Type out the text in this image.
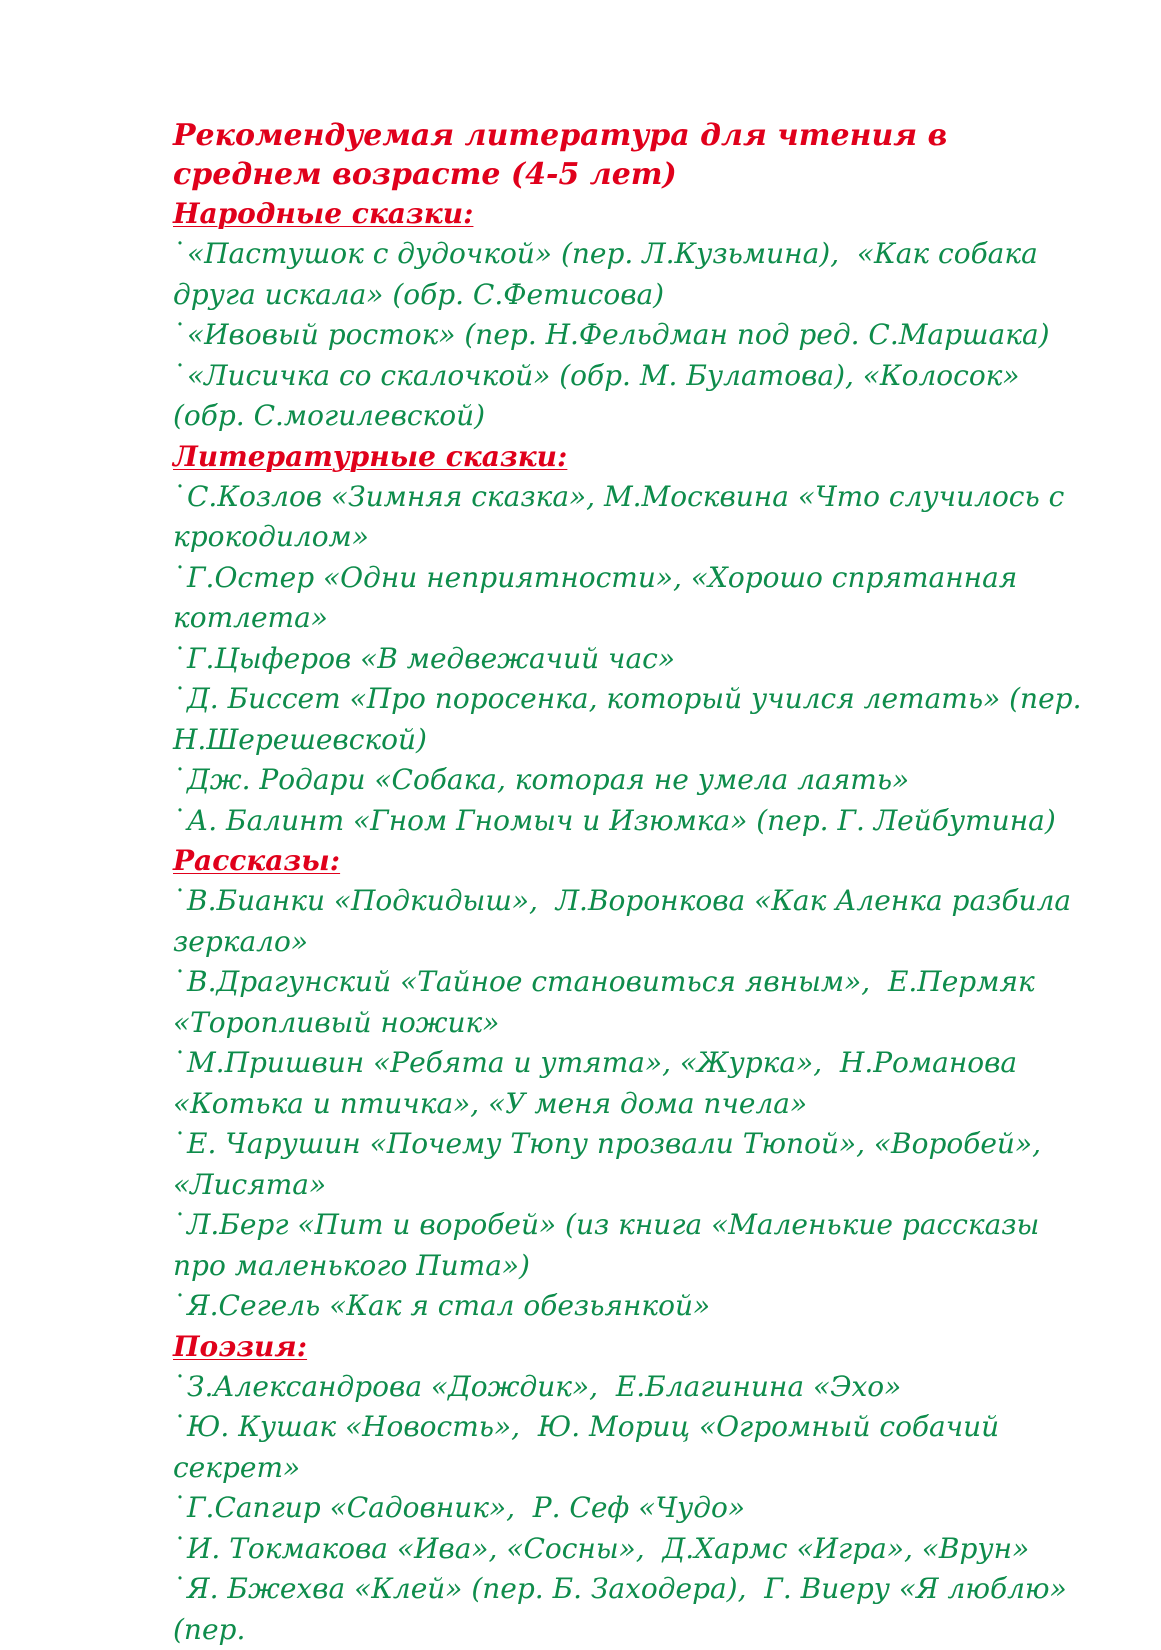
Рекомендуемая литература для чтения в среднем возрасте (4-5 лет)

Народные сказки:

˙«Пастушок с дудочкой» (пер. Л.Кузьмина),  «Как собака друга искала» (обр. С.Фетисова)

˙«Ивовый росток» (пер. Н.Фельдман под ред. С.Маршака)

˙«Лисичка со скалочкой» (обр. М. Булатова), «Колосок» (обр. С.могилевской)

Литературные сказки:

˙С.Козлов «Зимняя сказка», М.Москвина «Что случилось с крокодилом»

˙Г.Остер «Одни неприятности», «Хорошо спрятанная котлета»

˙Г.Цыферов «В медвежачий час»

˙Д. Биссет «Про поросенка, который учился летать» (пер. Н.Шерешевской)

˙Дж. Родари «Собака, которая не умела лаять»

˙А. Балинт «Гном Гномыч и Изюмка» (пер. Г. Лейбутина)

Рассказы:

˙В.Бианки «Подкидыш»,  Л.Воронкова «Как Аленка разбила зеркало»

˙В.Драгунский «Тайное становиться явным»,  Е.Пермяк «Торопливый ножик»

˙М.Пришвин «Ребята и утята», «Журка»,  Н.Романова «Котька и птичка», «У меня дома пчела»

˙Е. Чарушин «Почему Тюпу прозвали Тюпой», «Воробей», «Лисята»

˙Л.Берг «Пит и воробей» (из книга «Маленькие рассказы про маленького Пита»)

˙Я.Сегель «Как я стал обезьянкой»

Поэзия:

˙З.Александрова «Дождик»,  Е.Благинина «Эхо»

˙Ю. Кушак «Новость»,  Ю. Мориц «Огромный собачий секрет»

˙Г.Сапгир «Садовник»,  Р. Сеф «Чудо»

˙И. Токмакова «Ива», «Сосны»,  Д.Хармс «Игра», «Врун»

˙Я. Бжехва «Клей» (пер. Б. Заходера),  Г. Виеру «Я люблю» (пер.
